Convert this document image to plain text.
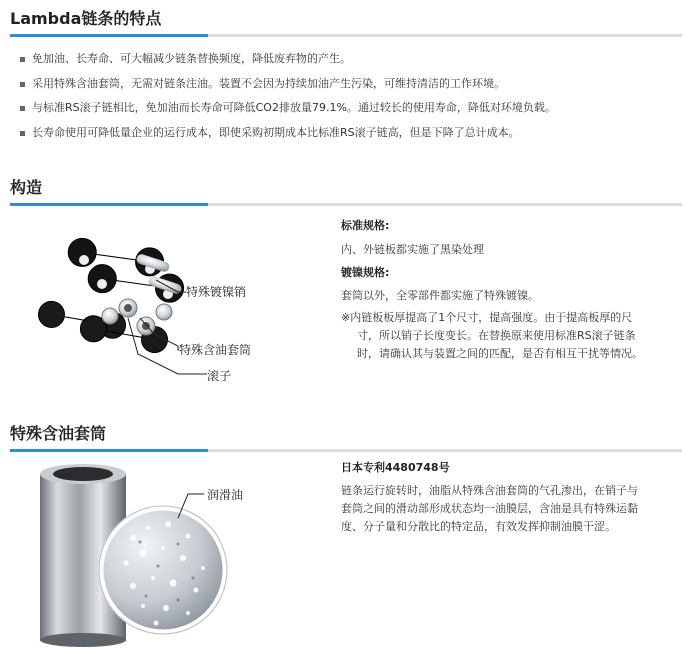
Lambda链条的特点
免加油、长寿命、可大幅减少链条替换频度，降低废弃物的产生。
采用特殊含油套筒，无需对链条注油。装置不会因为持续加油产生污染，可维持清洁的工作环境。
与标准RS滚子链相比，免加油而长寿命可降低CO2排放量79.1%。通过较长的使用寿命，降低对环境负载。
长寿命使用可降低量企业的运行成本，即使采购初期成本比标准RS滚子链高，但是下降了总计成本。
构造
特殊镀镍销
特殊含油套筒
滚子
标准规格:
内、外链板都实施了黑染处理
镀镍规格:
套筒以外，全零部件都实施了特殊镀镍。
※内链板板厚提高了1个尺寸，提高强度。由于提高板厚的尺
寸，所以销子长度变长。在替换原来使用标准RS滚子链条
时，请确认其与装置之间的匹配，是否有相互干扰等情况。
特殊含油套筒
润滑油
日本专利4480748号
链条运行旋转时，油脂从特殊含油套筒的气孔渗出，在销子与
套筒之间的滑动部形成状态均一油膜层，含油是具有特殊运黏
度、分子量和分散比的特定品，有效发挥抑制油膜干涩。
